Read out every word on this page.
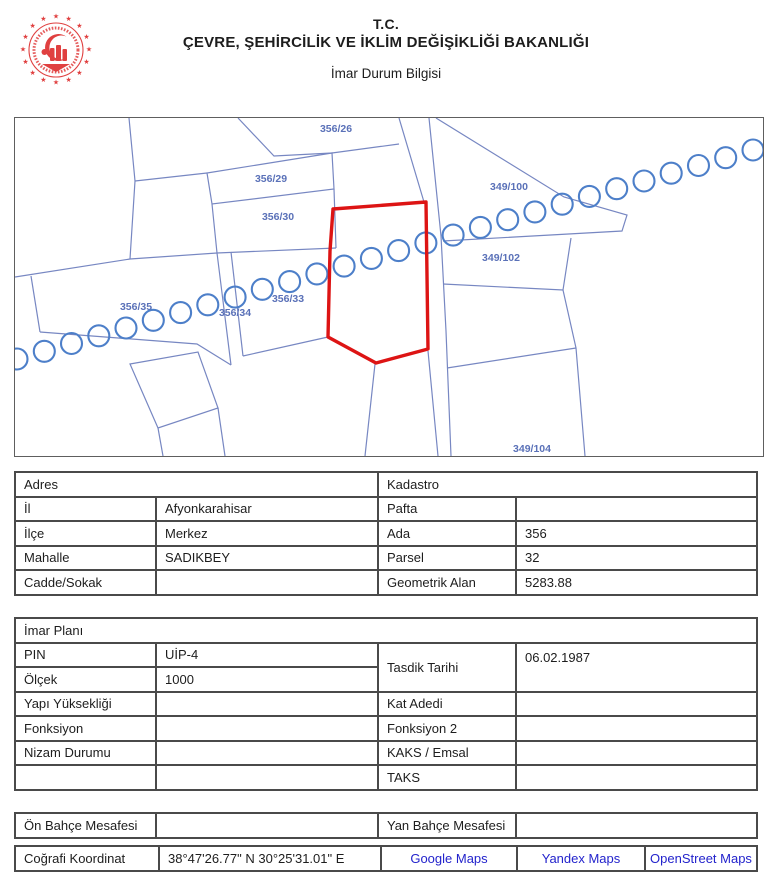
★
★
★
★
★
★
★
★
★
★
★
★ ★ ★
★
★
T.C.
ÇEVRE, ŞEHİRCİLİK VE İKLİM DEĞİŞİKLİĞİ BAKANLIĞI
İmar Durum Bilgisi
356/26
356/29
356/30
349/100
349/102
356/35	356/34
356/33
349/104
Adres		Kadastro	
İl	Afyonkarahisar	Pafta	
İlçe	Merkez	Ada	356
Mahalle	SADIKBEY	Parsel	32
Cadde/Sokak		Geometrik Alan	5283.88
İmar Planı			
PIN	UİP-4	Tasdik Tarihi	06.02.1987
Ölçek	1000		
Yapı Yüksekliği		Kat Adedi	
Fonksiyon		Fonksiyon 2	
Nizam Durumu		KAKS / Emsal	
		TAKS	
Ön Bahçe Mesafesi		Yan Bahçe Mesafesi	
Coğrafi Koordinat	38°47'26.77" N 30°25'31.01" E	Google Maps	Yandex Maps	OpenStreet Maps
